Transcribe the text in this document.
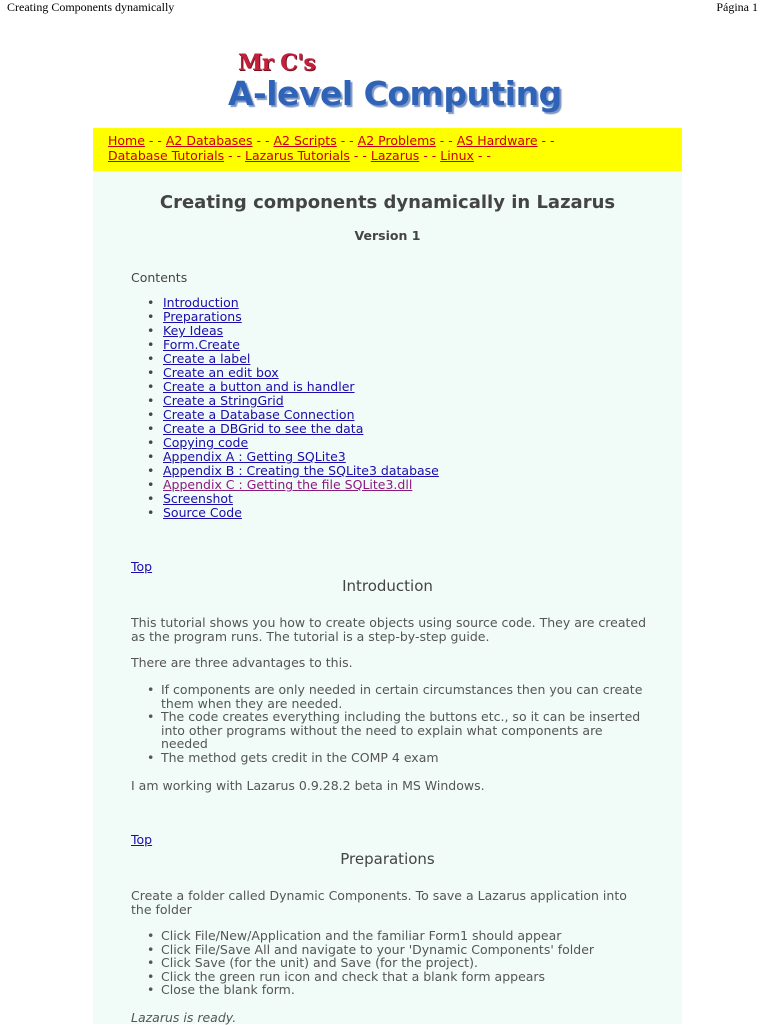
Creating Components dynamically	Página 1
Mr C's
A-level Computing
Home - - A2 Databases - - A2 Scripts - - A2 Problems - - AS Hardware - -
Database Tutorials - - Lazarus Tutorials - - Lazarus - - Linux - -
Creating components dynamically in Lazarus
Version 1
Contents
• Introduction
• Preparations
• Key Ideas
• Form.Create
• Create a label
• Create an edit box
• Create a button and is handler
• Create a StringGrid
• Create a Database Connection
• Create a DBGrid to see the data
• Copying code
• Appendix A : Getting SQLite3
• Appendix B : Creating the SQLite3 database
• Appendix C : Getting the file SQLite3.dll
• Screenshot
• Source Code
Top
Introduction
This tutorial shows you how to create objects using source code. They are created as the program runs. The tutorial is a step-by-step guide.
There are three advantages to this.
• If components are only needed in certain circumstances then you can create them when they are needed.
• The code creates everything including the buttons etc., so it can be inserted into other programs without the need to explain what components are needed
• The method gets credit in the COMP 4 exam
I am working with Lazarus 0.9.28.2 beta in MS Windows.
Top
Preparations
Create a folder called Dynamic Components. To save a Lazarus application into the folder
• Click File/New/Application and the familiar Form1 should appear
• Click File/Save All and navigate to your 'Dynamic Components' folder
• Click Save (for the unit) and Save (for the project).
• Click the green run icon and check that a blank form appears
• Close the blank form.
Lazarus is ready.
